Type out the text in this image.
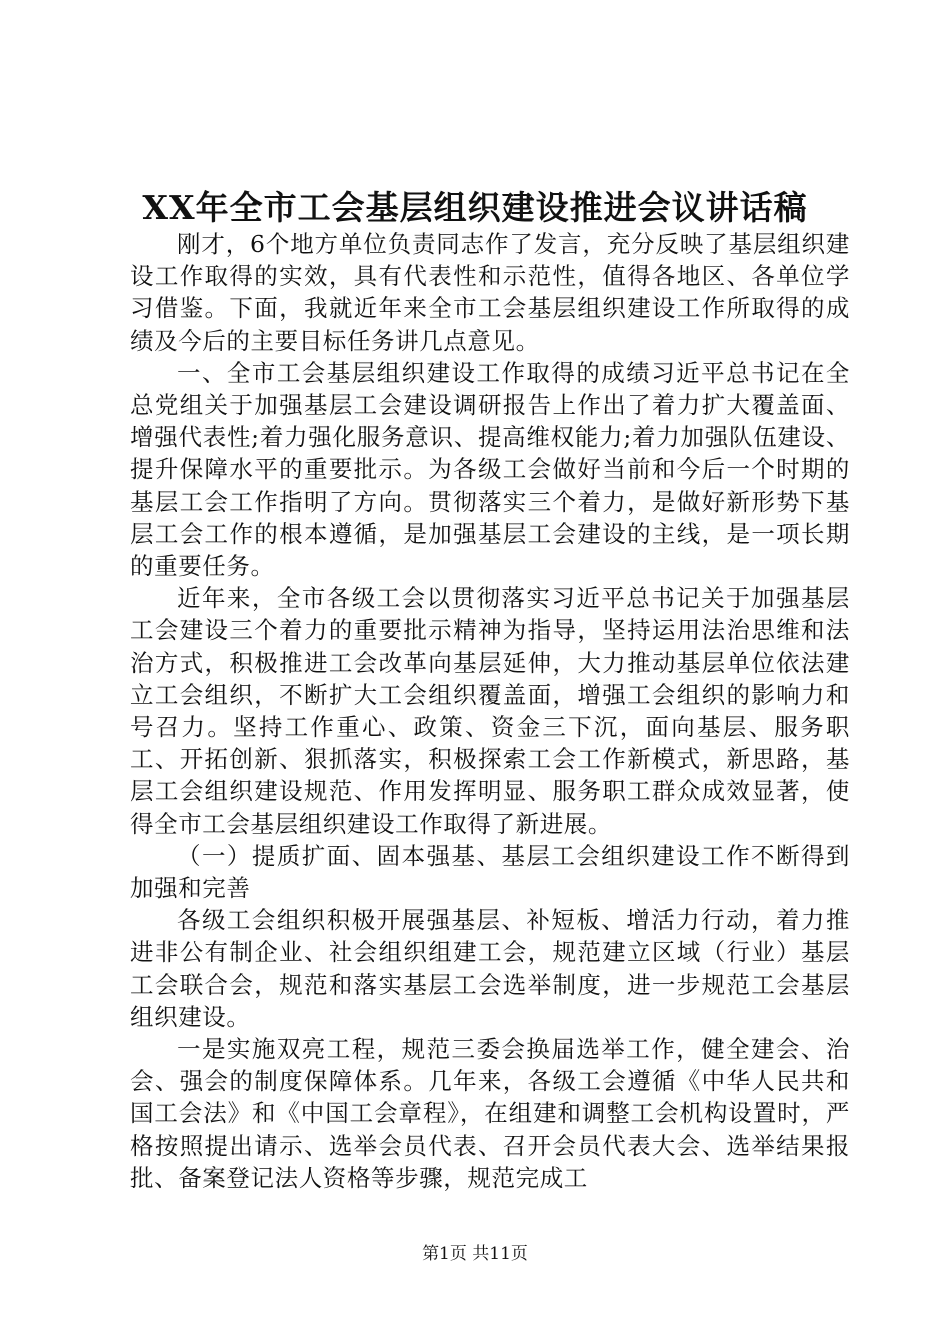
XX年全市工会基层组织建设推进会议讲话稿

刚才，6个地方单位负责同志作了发言，充分反映了基层组织建设工作取得的实效，具有代表性和示范性，值得各地区、各单位学习借鉴。下面，我就近年来全市工会基层组织建设工作所取得的成绩及今后的主要目标任务讲几点意见。

一、全市工会基层组织建设工作取得的成绩习近平总书记在全总党组关于加强基层工会建设调研报告上作出了着力扩大覆盖面、增强代表性;着力强化服务意识、提高维权能力;着力加强队伍建设、提升保障水平的重要批示。为各级工会做好当前和今后一个时期的基层工会工作指明了方向。贯彻落实三个着力，是做好新形势下基层工会工作的根本遵循，是加强基层工会建设的主线，是一项长期的重要任务。

近年来，全市各级工会以贯彻落实习近平总书记关于加强基层工会建设三个着力的重要批示精神为指导，坚持运用法治思维和法治方式，积极推进工会改革向基层延伸，大力推动基层单位依法建立工会组织，不断扩大工会组织覆盖面，增强工会组织的影响力和号召力。坚持工作重心、政策、资金三下沉，面向基层、服务职工、开拓创新、狠抓落实，积极探索工会工作新模式，新思路，基层工会组织建设规范、作用发挥明显、服务职工群众成效显著，使得全市工会基层组织建设工作取得了新进展。

（一）提质扩面、固本强基、基层工会组织建设工作不断得到加强和完善

各级工会组织积极开展强基层、补短板、增活力行动，着力推进非公有制企业、社会组织组建工会，规范建立区域（行业）基层工会联合会，规范和落实基层工会选举制度，进一步规范工会基层组织建设。

一是实施双亮工程，规范三委会换届选举工作，健全建会、治会、强会的制度保障体系。几年来，各级工会遵循《中华人民共和国工会法》和《中国工会章程》，在组建和调整工会机构设置时，严格按照提出请示、选举会员代表、召开会员代表大会、选举结果报批、备案登记法人资格等步骤，规范完成工

第1页 共11页
